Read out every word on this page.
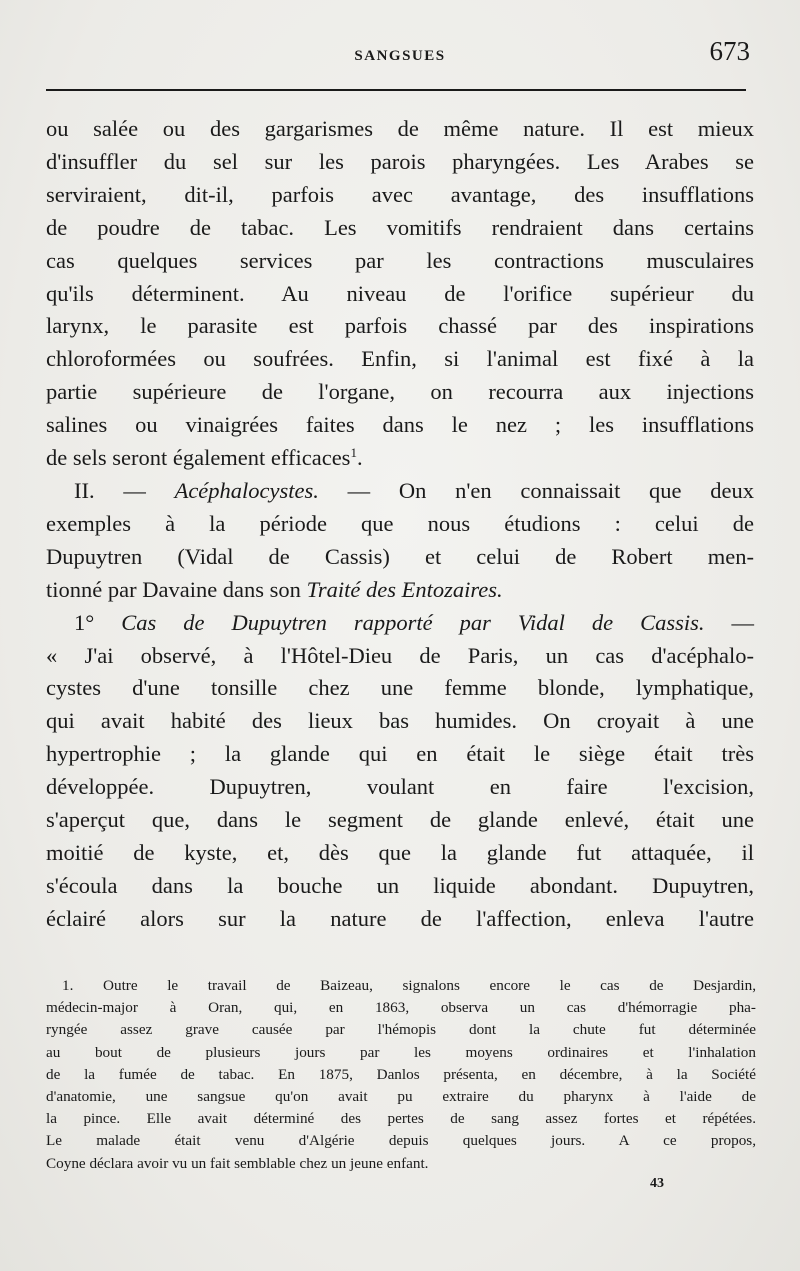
SANGSUES	673
ou salée ou des gargarismes de même nature. Il est mieux
d'insuffler du sel sur les parois pharyngées. Les Arabes se
serviraient, dit-il, parfois avec avantage, des insufflations
de poudre de tabac. Les vomitifs rendraient dans certains
cas quelques services par les contractions musculaires
qu'ils déterminent. Au niveau de l'orifice supérieur du
larynx, le parasite est parfois chassé par des inspirations
chloroformées ou soufrées. Enfin, si l'animal est fixé à la
partie supérieure de l'organe, on recourra aux injections
salines ou vinaigrées faites dans le nez ; les insufflations
de sels seront également efficaces$^1$.
II. — Acéphalocystes. — On n'en connaissait que deux
exemples à la période que nous étudions : celui de
Dupuytren (Vidal de Cassis) et celui de Robert men-
tionné par Davaine dans son Traité des Entozaires.
1° Cas de Dupuytren rapporté par Vidal de Cassis. —
« J'ai observé, à l'Hôtel-Dieu de Paris, un cas d'acéphalo-
cystes d'une tonsille chez une femme blonde, lymphatique,
qui avait habité des lieux bas humides. On croyait à une
hypertrophie ; la glande qui en était le siège était très
développée. Dupuytren, voulant en faire l'excision,
s'aperçut que, dans le segment de glande enlevé, était une
moitié de kyste, et, dès que la glande fut attaquée, il
s'écoula dans la bouche un liquide abondant. Dupuytren,
éclairé alors sur la nature de l'affection, enleva l'autre
1. Outre le travail de Baizeau, signalons encore le cas de Desjardin,
médecin-major à Oran, qui, en 1863, observa un cas d'hémorragie pha-
ryngée assez grave causée par l'hémopis dont la chute fut déterminée
au bout de plusieurs jours par les moyens ordinaires et l'inhalation
de la fumée de tabac. En 1875, Danlos présenta, en décembre, à la Société
d'anatomie, une sangsue qu'on avait pu extraire du pharynx à l'aide de
la pince. Elle avait déterminé des pertes de sang assez fortes et répétées.
Le malade était venu d'Algérie depuis quelques jours. A ce propos,
Coyne déclara avoir vu un fait semblable chez un jeune enfant.
43
